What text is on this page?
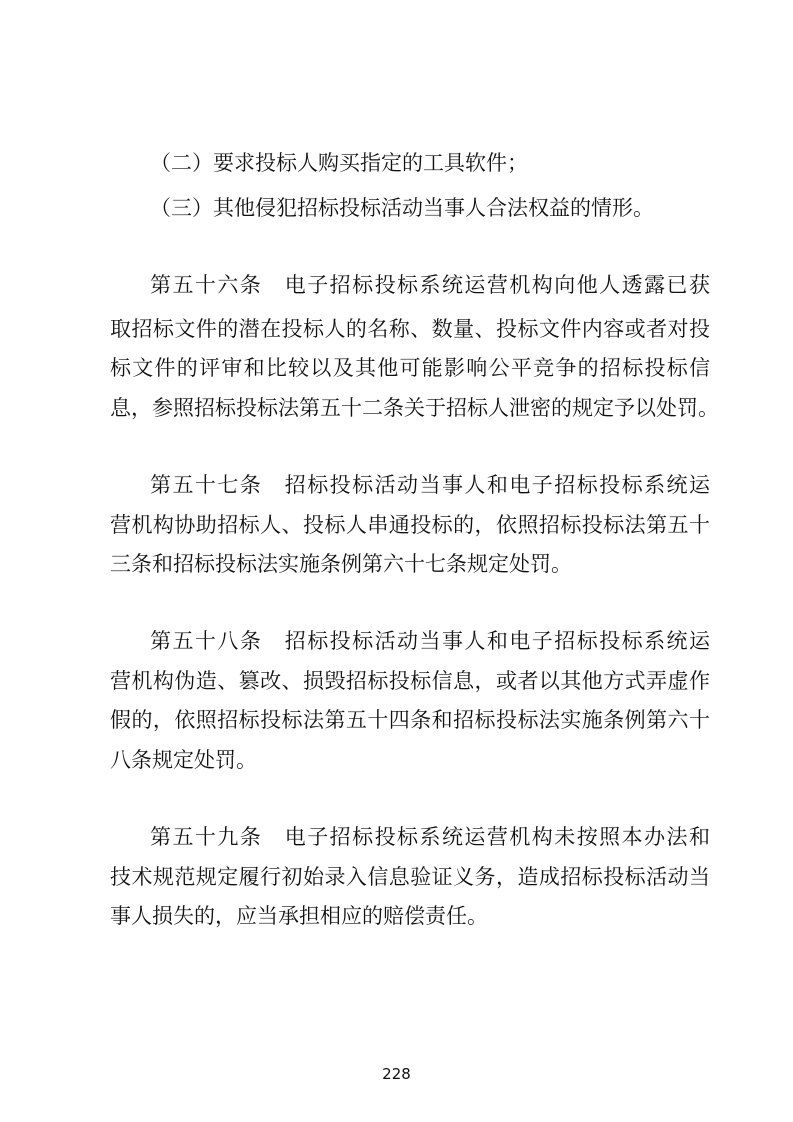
（二）要求投标人购买指定的工具软件；
（三）其他侵犯招标投标活动当事人合法权益的情形。
第五十六条　电子招标投标系统运营机构向他人透露已获
取招标文件的潜在投标人的名称、数量、投标文件内容或者对投
标文件的评审和比较以及其他可能影响公平竞争的招标投标信
息，参照招标投标法第五十二条关于招标人泄密的规定予以处罚。
第五十七条　招标投标活动当事人和电子招标投标系统运
营机构协助招标人、投标人串通投标的，依照招标投标法第五十
三条和招标投标法实施条例第六十七条规定处罚。
第五十八条　招标投标活动当事人和电子招标投标系统运
营机构伪造、篡改、损毁招标投标信息，或者以其他方式弄虚作
假的，依照招标投标法第五十四条和招标投标法实施条例第六十
八条规定处罚。
第五十九条　电子招标投标系统运营机构未按照本办法和
技术规范规定履行初始录入信息验证义务，造成招标投标活动当
事人损失的，应当承担相应的赔偿责任。
228
